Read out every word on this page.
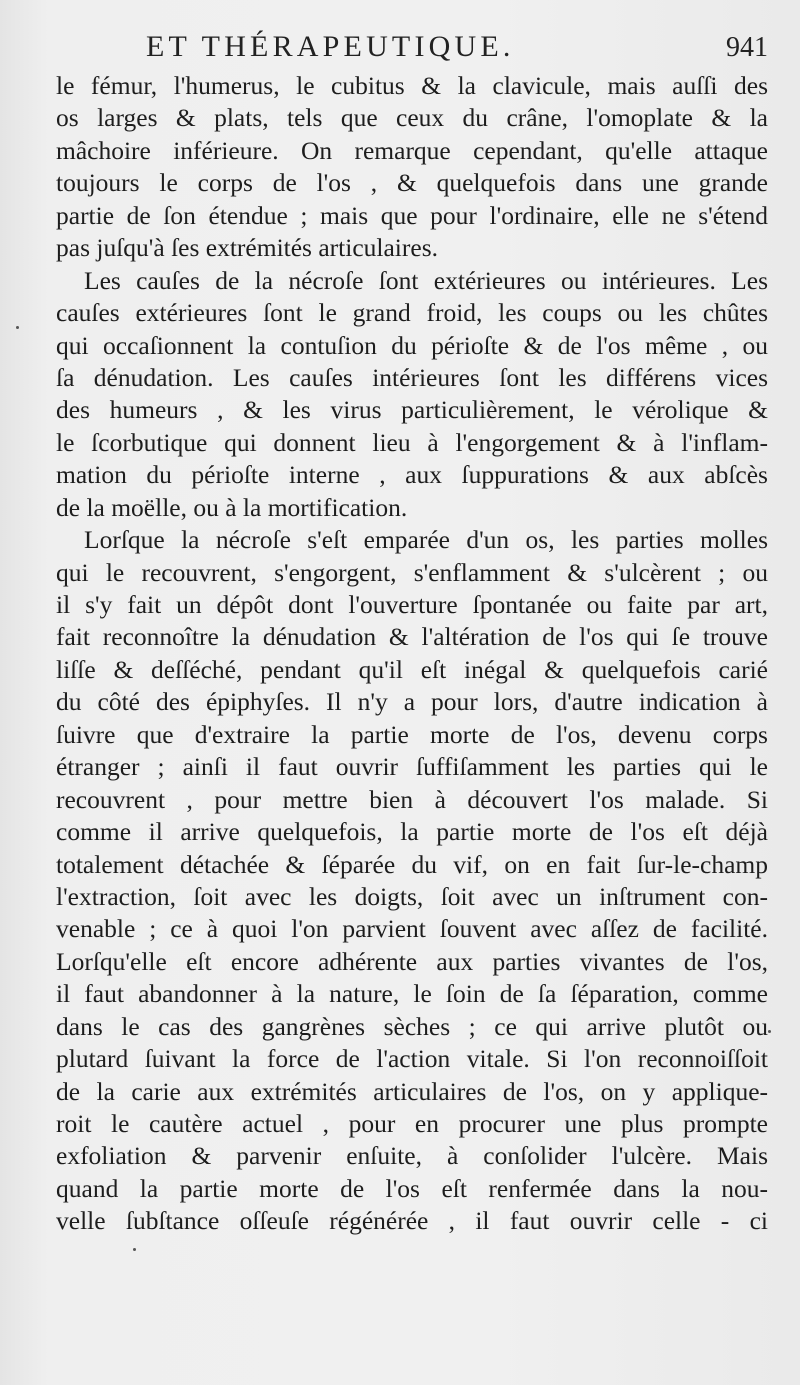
ET THÉRAPEUTIQUE.	941
le fémur, l'humerus, le cubitus & la clavicule, mais auſſi des
os larges & plats, tels que ceux du crâne, l'omoplate & la
mâchoire inférieure. On remarque cependant, qu'elle attaque
toujours le corps de l'os , & quelquefois dans une grande
partie de ſon étendue ; mais que pour l'ordinaire, elle ne s'étend
pas juſqu'à ſes extrémités articulaires.
Les cauſes de la nécroſe ſont extérieures ou intérieures. Les
cauſes extérieures ſont le grand froid, les coups ou les chûtes
qui occaſionnent la contuſion du périoſte & de l'os même , ou
ſa dénudation. Les cauſes intérieures ſont les différens vices
des humeurs , & les virus particulièrement, le vérolique &
le ſcorbutique qui donnent lieu à l'engorgement & à l'inflam-
mation du périoſte interne , aux ſuppurations & aux abſcès
de la moëlle, ou à la mortification.
Lorſque la nécroſe s'eſt emparée d'un os, les parties molles
qui le recouvrent, s'engorgent, s'enflamment & s'ulcèrent ; ou
il s'y fait un dépôt dont l'ouverture ſpontanée ou faite par art,
fait reconnoître la dénudation & l'altération de l'os qui ſe trouve
liſſe & deſſéché, pendant qu'il eſt inégal & quelquefois carié
du côté des épiphyſes. Il n'y a pour lors, d'autre indication à
ſuivre que d'extraire la partie morte de l'os, devenu corps
étranger ; ainſi il faut ouvrir ſuffiſamment les parties qui le
recouvrent , pour mettre bien à découvert l'os malade. Si
comme il arrive quelquefois, la partie morte de l'os eſt déjà
totalement détachée & ſéparée du vif, on en fait ſur-le-champ
l'extraction, ſoit avec les doigts, ſoit avec un inſtrument con-
venable ; ce à quoi l'on parvient ſouvent avec aſſez de facilité.
Lorſqu'elle eſt encore adhérente aux parties vivantes de l'os,
il faut abandonner à la nature, le ſoin de ſa ſéparation, comme
dans le cas des gangrènes sèches ; ce qui arrive plutôt ou
plutard ſuivant la force de l'action vitale. Si l'on reconnoiſſoit
de la carie aux extrémités articulaires de l'os, on y applique-
roit le cautère actuel , pour en procurer une plus prompte
exfoliation & parvenir enſuite, à conſolider l'ulcère. Mais
quand la partie morte de l'os eſt renfermée dans la nou-
velle ſubſtance oſſeuſe régénérée , il faut ouvrir celle - ci
